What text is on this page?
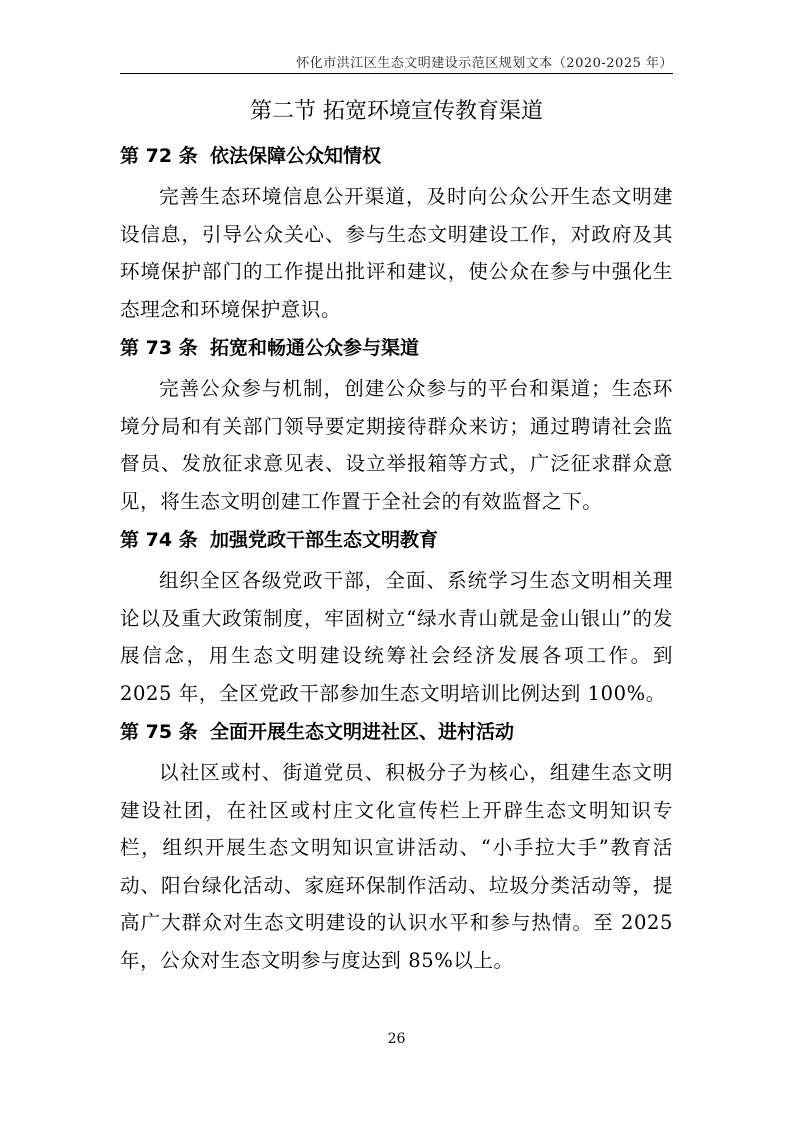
怀化市洪江区生态文明建设示范区规划文本（2020-2025 年）
第二节 拓宽环境宣传教育渠道

第 72 条 依法保障公众知情权

完善生态环境信息公开渠道，及时向公众公开生态文明建设信息，引导公众关心、参与生态文明建设工作，对政府及其环境保护部门的工作提出批评和建议，使公众在参与中强化生态理念和环境保护意识。

第 73 条 拓宽和畅通公众参与渠道

完善公众参与机制，创建公众参与的平台和渠道；生态环境分局和有关部门领导要定期接待群众来访；通过聘请社会监督员、发放征求意见表、设立举报箱等方式，广泛征求群众意见，将生态文明创建工作置于全社会的有效监督之下。

第 74 条 加强党政干部生态文明教育

组织全区各级党政干部，全面、系统学习生态文明相关理论以及重大政策制度，牢固树立“绿水青山就是金山银山”的发展信念，用生态文明建设统筹社会经济发展各项工作。到 2025 年，全区党政干部参加生态文明培训比例达到 100%。

第 75 条 全面开展生态文明进社区、进村活动

以社区或村、街道党员、积极分子为核心，组建生态文明建设社团，在社区或村庄文化宣传栏上开辟生态文明知识专栏，组织开展生态文明知识宣讲活动、“小手拉大手”教育活动、阳台绿化活动、家庭环保制作活动、垃圾分类活动等，提高广大群众对生态文明建设的认识水平和参与热情。至 2025 年，公众对生态文明参与度达到 85%以上。

26
